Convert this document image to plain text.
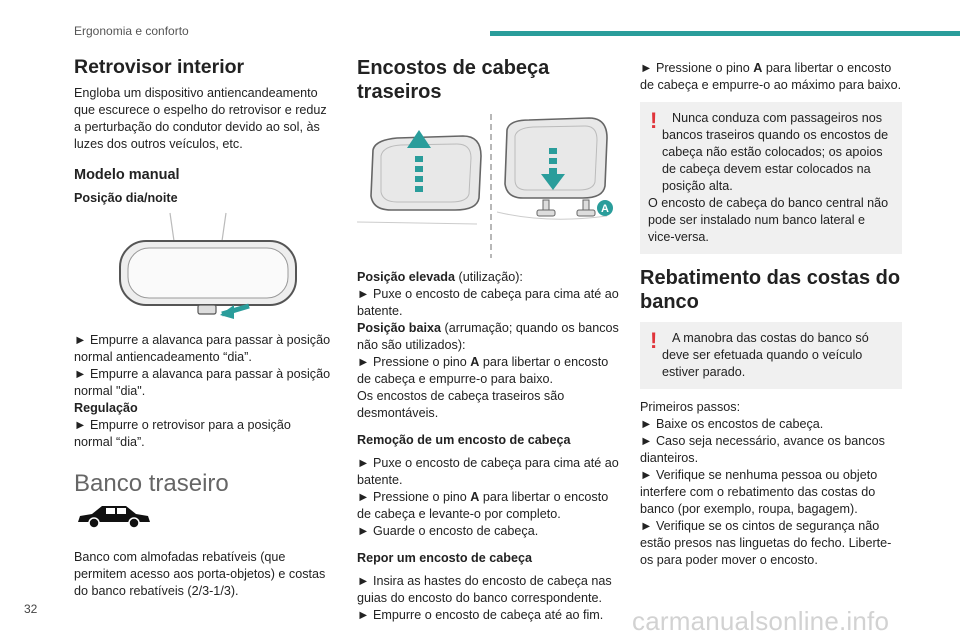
Ergonomia e conforto
Retrovisor interior

Engloba um dispositivo antiencandeamento que escurece o espelho do retrovisor e reduz a perturbação do condutor devido ao sol, às luzes dos outros veículos, etc.

Modelo manual

Posição dia/noite

► Empurre a alavanca para passar à posição normal antiencadeamento “dia”.

► Empurre a alavanca para passar à posição normal "dia".

Regulação

► Empurre o retrovisor para a posição normal “dia”.

Banco traseiro

Banco com almofadas rebatíveis (que permitem acesso aos porta-objetos) e costas do banco rebatíveis (2/3-1/3).

Encostos de cabeça traseiros
A

Posição elevada (utilização):

► Puxe o encosto de cabeça para cima até ao batente.

Posição baixa (arrumação; quando os bancos não são utilizados):

► Pressione o pino A para libertar o encosto de cabeça e empurre-o para baixo.

Os encostos de cabeça traseiros são desmontáveis.

Remoção de um encosto de cabeça

► Puxe o encosto de cabeça para cima até ao batente.

► Pressione o pino A para libertar o encosto de cabeça e levante-o por completo.

► Guarde o encosto de cabeça.

Repor um encosto de cabeça

► Insira as hastes do encosto de cabeça nas guias do encosto do banco correspondente.

► Empurre o encosto de cabeça até ao fim.

► Pressione o pino A para libertar o encosto de cabeça e empurre-o ao máximo para baixo.

!	Nunca conduza com passageiros nos bancos traseiros quando os encostos de cabeça não estão colocados; os apoios de cabeça devem estar colocados na posição alta.

O encosto de cabeça do banco central não pode ser instalado num banco lateral e vice-versa.

Rebatimento das costas do banco
!	A manobra das costas do banco só deve ser efetuada quando o veículo estiver parado.

Primeiros passos:

► Baixe os encostos de cabeça.

► Caso seja necessário, avance os bancos dianteiros.

► Verifique se nenhuma pessoa ou objeto interfere com o rebatimento das costas do banco (por exemplo, roupa, bagagem).

► Verifique se os cintos de segurança não estão presos nas linguetas do fecho. Liberte-os para poder mover o encosto.

32	carmanualsonline.info
